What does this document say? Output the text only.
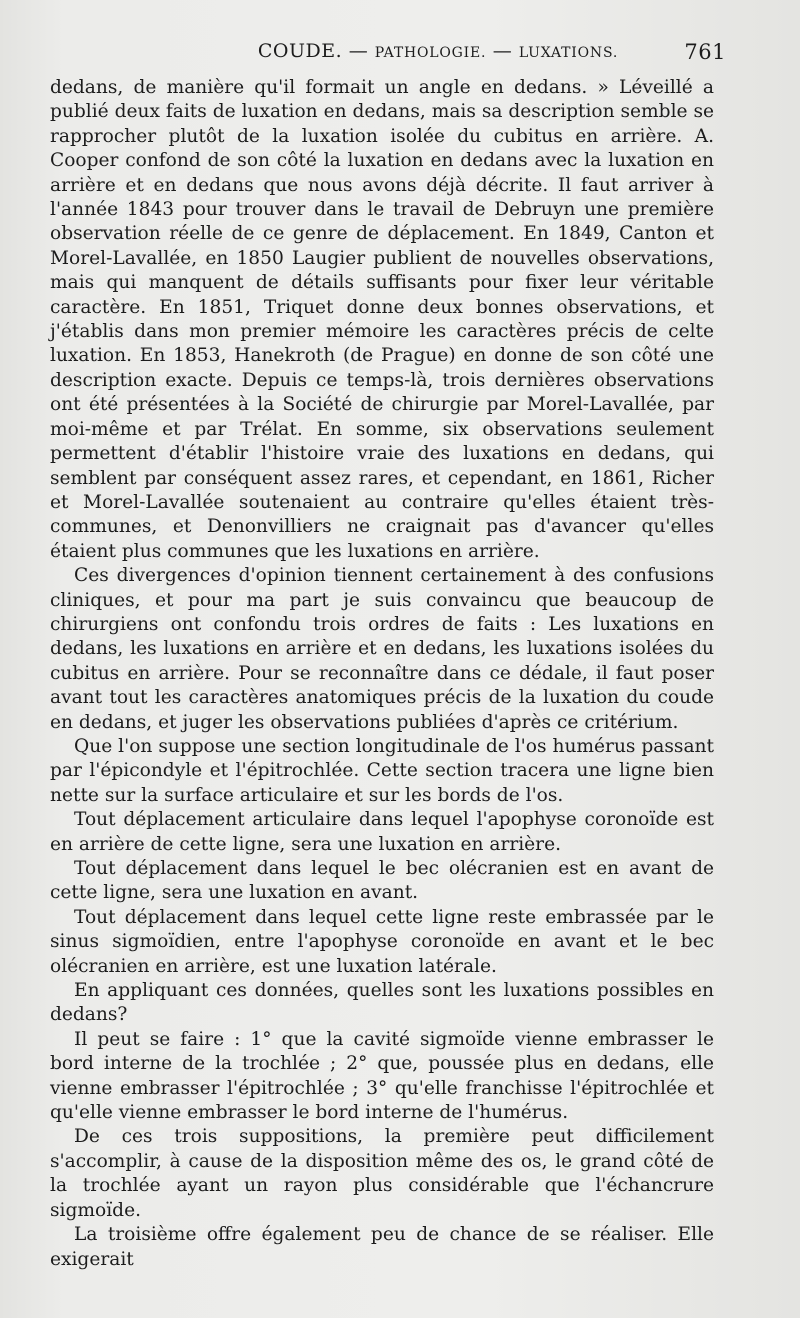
COUDE. — PATHOLOGIE. — LUXATIONS.	761

dedans, de manière qu'il formait un angle en dedans. » Léveillé a publié deux faits de luxation en dedans, mais sa description semble se rapprocher plutôt de la luxation isolée du cubitus en arrière. A. Cooper confond de son côté la luxation en dedans avec la luxation en arrière et en dedans que nous avons déjà décrite. Il faut arriver à l'année 1843 pour trouver dans le travail de Debruyn une première observation réelle de ce genre de déplacement. En 1849, Canton et Morel-Lavallée, en 1850 Laugier publient de nouvelles observations, mais qui manquent de détails suffisants pour fixer leur véritable caractère. En 1851, Triquet donne deux bonnes observations, et j'établis dans mon premier mémoire les caractères précis de celte luxation. En 1853, Hanekroth (de Prague) en donne de son côté une description exacte. Depuis ce temps-là, trois dernières observations ont été présentées à la Société de chirurgie par Morel-Lavallée, par moi-même et par Trélat. En somme, six observations seulement permettent d'établir l'histoire vraie des luxations en dedans, qui semblent par conséquent assez rares, et cependant, en 1861, Richer et Morel-Lavallée soutenaient au contraire qu'elles étaient très-communes, et Denonvilliers ne craignait pas d'avancer qu'elles étaient plus communes que les luxations en arrière.

Ces divergences d'opinion tiennent certainement à des confusions cliniques, et pour ma part je suis convaincu que beaucoup de chirurgiens ont confondu trois ordres de faits : Les luxations en dedans, les luxations en arrière et en dedans, les luxations isolées du cubitus en arrière. Pour se reconnaître dans ce dédale, il faut poser avant tout les caractères anatomiques précis de la luxation du coude en dedans, et juger les observations publiées d'après ce critérium.

Que l'on suppose une section longitudinale de l'os humérus passant par l'épicondyle et l'épitrochlée. Cette section tracera une ligne bien nette sur la surface articulaire et sur les bords de l'os.

Tout déplacement articulaire dans lequel l'apophyse coronoïde est en arrière de cette ligne, sera une luxation en arrière.

Tout déplacement dans lequel le bec olécranien est en avant de cette ligne, sera une luxation en avant.

Tout déplacement dans lequel cette ligne reste embrassée par le sinus sigmoïdien, entre l'apophyse coronoïde en avant et le bec olécranien en arrière, est une luxation latérale.

En appliquant ces données, quelles sont les luxations possibles en dedans?

Il peut se faire : 1° que la cavité sigmoïde vienne embrasser le bord interne de la trochlée ; 2° que, poussée plus en dedans, elle vienne embrasser l'épitrochlée ; 3° qu'elle franchisse l'épitrochlée et qu'elle vienne embrasser le bord interne de l'humérus.

De ces trois suppositions, la première peut difficilement s'accomplir, à cause de la disposition même des os, le grand côté de la trochlée ayant un rayon plus considérable que l'échancrure sigmoïde.

La troisième offre également peu de chance de se réaliser. Elle exigerait
